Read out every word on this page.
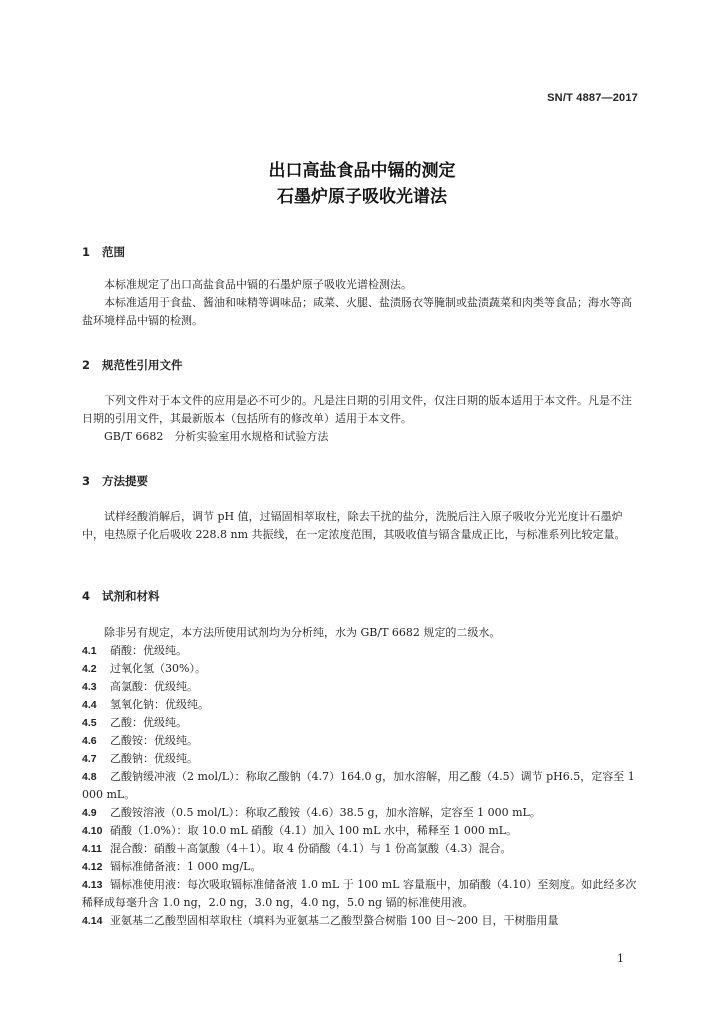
SN/T 4887—2017
出口高盐食品中镉的测定
石墨炉原子吸收光谱法
1 范围

本标准规定了出口高盐食品中镉的石墨炉原子吸收光谱检测法。

本标准适用于食盐、酱油和味精等调味品；咸菜、火腿、盐渍肠衣等腌制或盐渍蔬菜和肉类等食品；海水等高盐环境样品中镉的检测。

2 规范性引用文件

下列文件对于本文件的应用是必不可少的。凡是注日期的引用文件，仅注日期的版本适用于本文件。凡是不注日期的引用文件，其最新版本（包括所有的修改单）适用于本文件。

GB/T 6682　分析实验室用水规格和试验方法

3 方法提要

试样经酸消解后，调节 pH 值，过镉固相萃取柱，除去干扰的盐分，洗脱后注入原子吸收分光光度计石墨炉中，电热原子化后吸收 228.8 nm 共振线，在一定浓度范围，其吸收值与镉含量成正比，与标准系列比较定量。

4 试剂和材料

除非另有规定，本方法所使用试剂均为分析纯，水为 GB/T 6682 规定的二级水。

4.1 硝酸：优级纯。

4.2 过氧化氢（30%）。

4.3 高氯酸：优级纯。

4.4 氢氧化钠：优级纯。

4.5 乙酸：优级纯。

4.6 乙酸铵：优级纯。

4.7 乙酸钠：优级纯。

4.8 乙酸钠缓冲液（2 mol/L）：称取乙酸钠（4.7）164.0 g，加水溶解，用乙酸（4.5）调节 pH6.5，定容至 1 000 mL。

4.9 乙酸铵溶液（0.5 mol/L）：称取乙酸铵（4.6）38.5 g，加水溶解，定容至 1 000 mL。

4.10 硝酸（1.0%）：取 10.0 mL 硝酸（4.1）加入 100 mL 水中，稀释至 1 000 mL。

4.11 混合酸：硝酸＋高氯酸（4＋1）。取 4 份硝酸（4.1）与 1 份高氯酸（4.3）混合。

4.12 镉标准储备液：1 000 mg/L。

4.13 镉标准使用液：每次吸取镉标准储备液 1.0 mL 于 100 mL 容量瓶中，加硝酸（4.10）至刻度。如此经多次稀释成每毫升含 1.0 ng，2.0 ng，3.0 ng，4.0 ng，5.0 ng 镉的标准使用液。

4.14 亚氨基二乙酸型固相萃取柱（填料为亚氨基二乙酸型螯合树脂 100 目～200 目，干树脂用量

1
